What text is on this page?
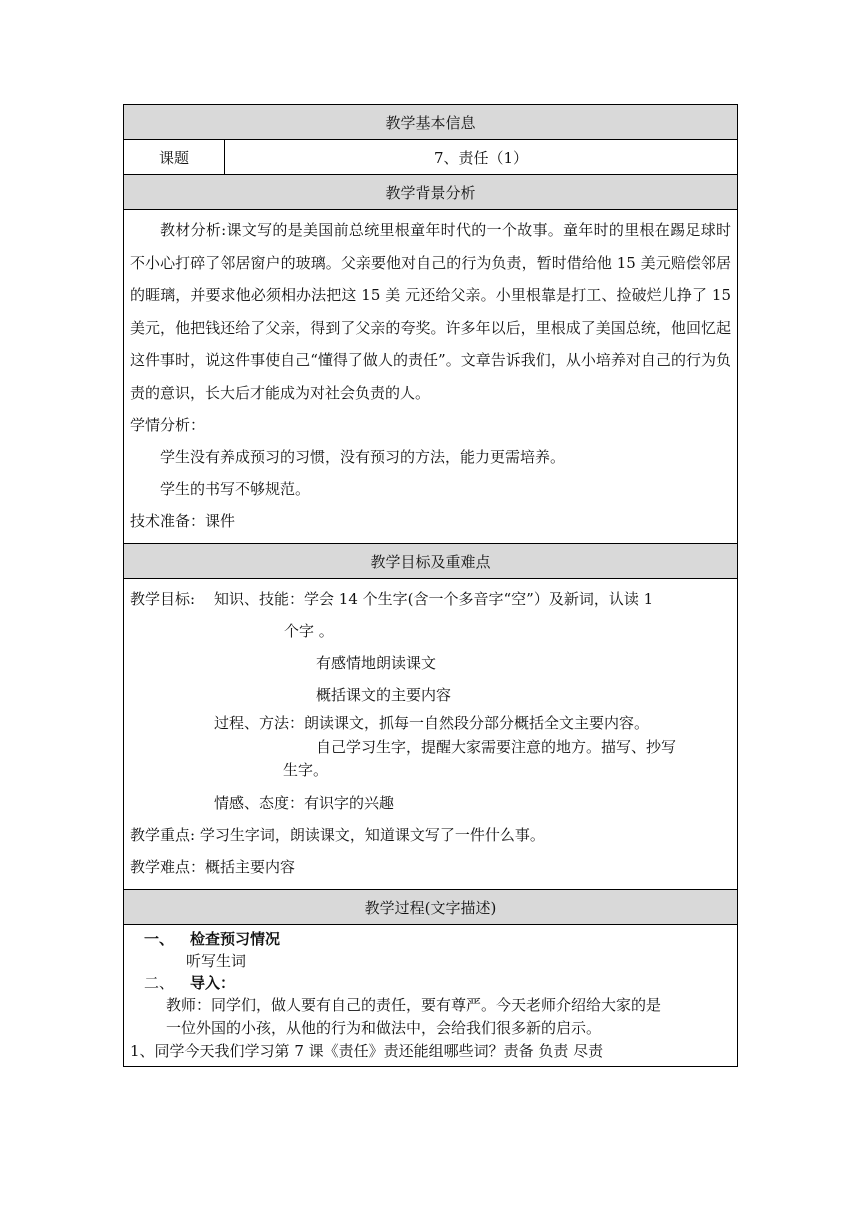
教学基本信息
课题	7、责任（1）
教学背景分析
教材分析:课文写的是美国前总统里根童年时代的一个故事。童年时的里根在踢足球时不小心打碎了邻居窗户的玻璃。父亲要他对自己的行为负责，暂时借给他 15 美元赔偿邻居的睚璃，并要求他必须相办法把这 15 美 元还给父亲。小里根靠是打工、捡破烂儿挣了 15 美元，他把钱还给了父亲，得到了父亲的夸奖。许多年以后，里根成了美国总统，他回忆起这件事时，说这件事使自己“懂得了做人的责任”。文章告诉我们，从小培养对自己的行为负责的意识，长大后才能成为对社会负责的人。
学情分析：
学生没有养成预习的习惯，没有预习的方法，能力更需培养。
学生的书写不够规范。
技术准备：课件
教学目标及重难点
教学目标:	知识、技能： 学会 14 个生字(含一个多音字“空”）及新词，认读 1
个字 。
有感情地朗读课文
概括课文的主要内容
过程、方法： 朗读课文，抓每一自然段分部分概括全文主要内容。
自己学习生字，提醒大家需要注意的地方。描写、抄写
生字。
情感、态度： 有识字的兴趣
教学重点: 学习生字词，朗读课文，知道课文写了一件什么事。
教学难点：概括主要内容
教学过程(文字描述)
一、 检查预习情况
听写生词
二、 导入：
教师：同学们，做人要有自己的责任，要有尊严。今天老师介绍给大家的是
一位外国的小孩，从他的行为和做法中，会给我们很多新的启示。
1、同学今天我们学习第 7 课《责任》责还能组哪些词？责备 负责 尽责
